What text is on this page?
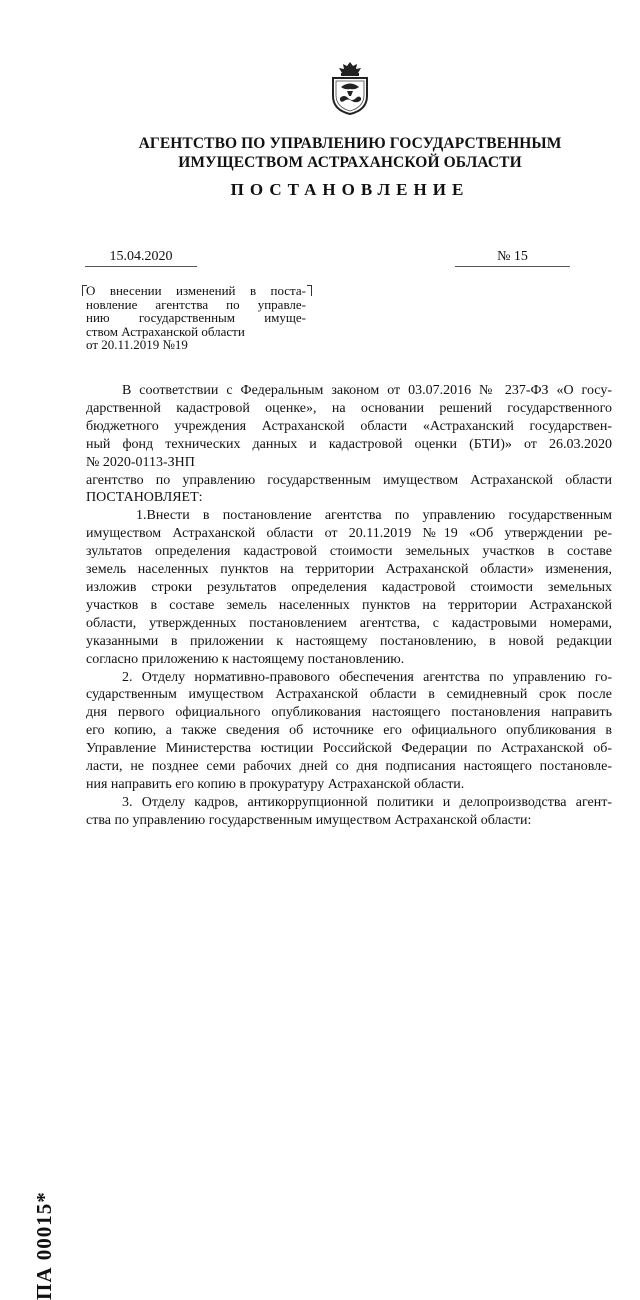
АГЕНТСТВО ПО УПРАВЛЕНИЮ ГОСУДАРСТВЕННЫМ
ИМУЩЕСТВОМ АСТРАХАНСКОЙ ОБЛАСТИ
ПОСТАНОВЛЕНИЕ
15.04.2020	№ 15
О внесении изменений в поста-
новление агентства по управле-
нию государственным имуще-
ством Астраханской области
от 20.11.2019 №19
ПА 00015*
В соответствии с Федеральным законом от 03.07.2016 № 237-ФЗ «О госу-
дарственной кадастровой оценке», на основании решений государственного
бюджетного учреждения Астраханской области «Астраханский государствен-
ный фонд технических данных и кадастровой оценки (БТИ)» от 26.03.2020
№ 2020-0113-ЗНП
агентство по управлению государственным имуществом Астраханской области
ПОСТАНОВЛЯЕТ:
1.Внести в постановление агентства по управлению государственным
имуществом Астраханской области от 20.11.2019 №19 «Об утверждении ре-
зультатов определения кадастровой стоимости земельных участков в составе
земель населенных пунктов на территории Астраханской области» изменения,
изложив строки результатов определения кадастровой стоимости земельных
участков в составе земель населенных пунктов на территории Астраханской
области, утвержденных постановлением агентства, с кадастровыми номерами,
указанными в приложении к настоящему постановлению, в новой редакции
согласно приложению к настоящему постановлению.
2. Отделу нормативно-правового обеспечения агентства по управлению го-
сударственным имуществом Астраханской области в семидневный срок после
дня первого официального опубликования настоящего постановления направить
его копию, а также сведения об источнике его официального опубликования в
Управление Министерства юстиции Российской Федерации по Астраханской об-
ласти, не позднее семи рабочих дней со дня подписания настоящего постановле-
ния направить его копию в прокуратуру Астраханской области.
3. Отделу кадров, антикоррупционной политики и делопроизводства агент-
ства по управлению государственным имуществом Астраханской области:
